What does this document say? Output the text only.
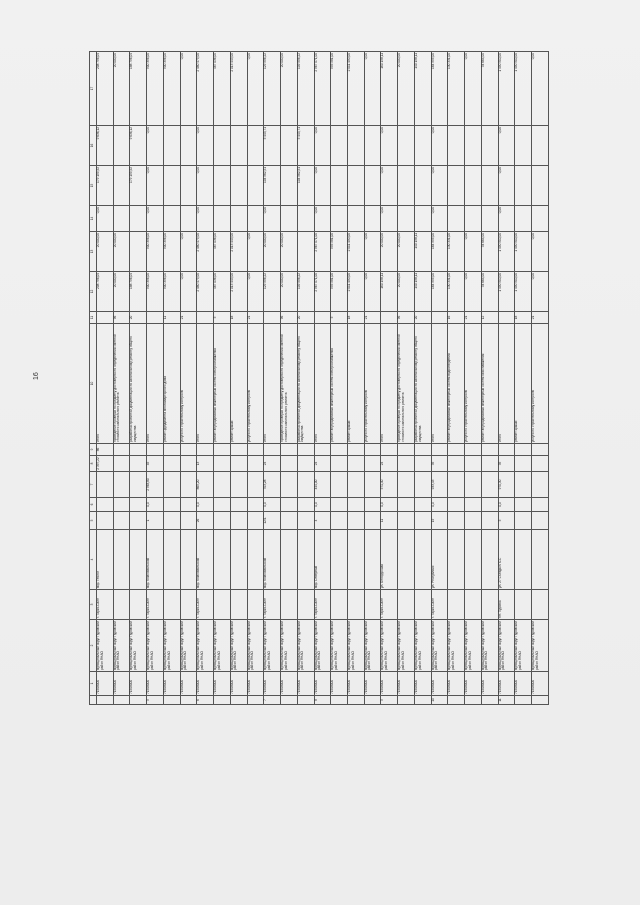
16
	1	2	3	4	5	6	7	8	9	10	11	12	13	14	15	16	17
	71508000	муниципальный округ Пуровский район ЯНАО	г. Тарко-Сале	мкр. Геолог				2 397,22	86	итого		208 796,04	20 000,00	0,00	179 159,92	9 636,12	208 796,04
	71508000	муниципальный округ Пуровский район ЯНАО								проведение проверки по предмету достоверности определения сметной стоимости капитального ремонта	96	20 000,00	20 000,00				20 000,00
	71508000	муниципальный округ Пуровский район ЯНАО								разработка проектной документации по капитальному ремонту общего имущества	20	188 796,04			179 159,92	9 636,12	188 796,04
5	71508000	муниципальный округ Пуровский район ЯНАО	г. Тарко-Сале	мкр. Комсомольский	1	0,0	2 963,80	45		итого		900 396,00	900 396,00	0,00	0,00	0,00	900 396,00
	71508000	муниципальный округ Пуровский район ЯНАО								ремонт фундамента многоквартирного дома	11	900 396,00	900 396,00				900 396,00
	71508000	муниципальный округ Пуровский район ЯНАО								услуги по строительному контролю	21	0,00	0,00				0,00
6	71508000	муниципальный округ Пуровский район ЯНАО	г. Тарко-Сале	мкр. Комсомольский	26	0,0	865,20	13		итого		2 480 479,00	2 480 479,00	0,00	0,00	0,00	2 480 479,00
	71508000	муниципальный округ Пуровский район ЯНАО								ремонт внутридомовых инженерных систем электроснабжения	5	467 036,00	467 036,00				467 036,00
	71508000	муниципальный округ Пуровский район ЯНАО								ремонт крыши	18	2 013 443,00	2 013 443,00				2 013 443,00
	71508000	муниципальный округ Пуровский район ЯНАО								услуги по строительному контролю	21	0,00	0,00				0,00
7	71508000	муниципальный округ Пуровский район ЯНАО	г. Тарко-Сале	мкр. Комсомольский	12/1	0,0	703,28	24		итого		129 956,22	20 000,00	0,00	104 562,51	5 443,71	129 956,22
	71508000	муниципальный округ Пуровский район ЯНАО								проведение проверки по предмету достоверности определения сметной стоимости капитального ремонта	96	20 000,00	20 000,00				20 000,00
	71508000	муниципальный округ Пуровский район ЯНАО								разработка проектной документации по капитальному ремонту общего имущества	20	109 956,22			104 562,51	5 443,71	109 956,22
8	71508000	муниципальный округ Пуровский район ЯНАО	г. Тарко-Сале	мкр. Северный	4	0,0	444,00	24		итого		2 567 071,00	2 567 071,00	0,00	0,00	0,00	2 567 071,00
	71508000	муниципальный округ Пуровский район ЯНАО								ремонт внутридомовых инженерных систем электроснабжения	5	555 581,00	555 581,00				555 581,00
	71508000	муниципальный округ Пуровский район ЯНАО								ремонт крыши	18	2 011 490,00	2 011 490,00				2 011 490,00
	71508000	муниципальный округ Пуровский район ЯНАО								услуги по строительному контролю	21	0,00	0,00				0,00
9	71508000	муниципальный округ Пуровский район ЯНАО	г. Тарко-Сале	ул. Белорусская	11	0,0	571,40	24		итого		160 198,11	20 000,00	0,00	0,00	0,00	160 198,11
	71508000	муниципальный округ Пуровский район ЯНАО								проведение проверки по предмету достоверности определения сметной стоимости капитального ремонта	96	20 000,00	20 000,00				20 000,00
	71508000	муниципальный округ Пуровский район ЯНАО								разработка проектной документации по капитальному ремонту общего имущества	20	140 198,11	140 198,11				140 198,11
10	71508000	муниципальный округ Пуровский район ЯНАО	г. Тарко-Сале	ул. Республики	19	0,0	933,43	35		итого		164 995,00	164 995,00	0,00	0,00	0,00	164 995,00
	71508000	муниципальный округ Пуровский район ЯНАО								ремонт внутридомовых инженерных систем водоотведения	16	130 331,00	130 331,00				130 331,00
	71508000	муниципальный округ Пуровский район ЯНАО								услуги по строительному контролю	21	0,00	0,00				0,00
	71508000	муниципальный округ Пуровский район ЯНАО								ремонт внутридомовых инженерных систем газоснабжения	12	34 664,00	34 664,00				34 664,00
11	71508000	муниципальный округ Пуровский район ЯНАО	пгт. Пуровск	ул. 27 Съезда КПСС	5	0,0	970,30	35		итого		1 490 510,00	1 490 510,00	0,00	0,00	0,00	1 490 510,00
	71508000	муниципальный округ Пуровский район ЯНАО								ремонт крыши	18	1 490 510,00	1 490 510,00				1 490 510,00
	71508000	муниципальный округ Пуровский район ЯНАО								услуги по строительному контролю	21	0,00	0,00				0,00
